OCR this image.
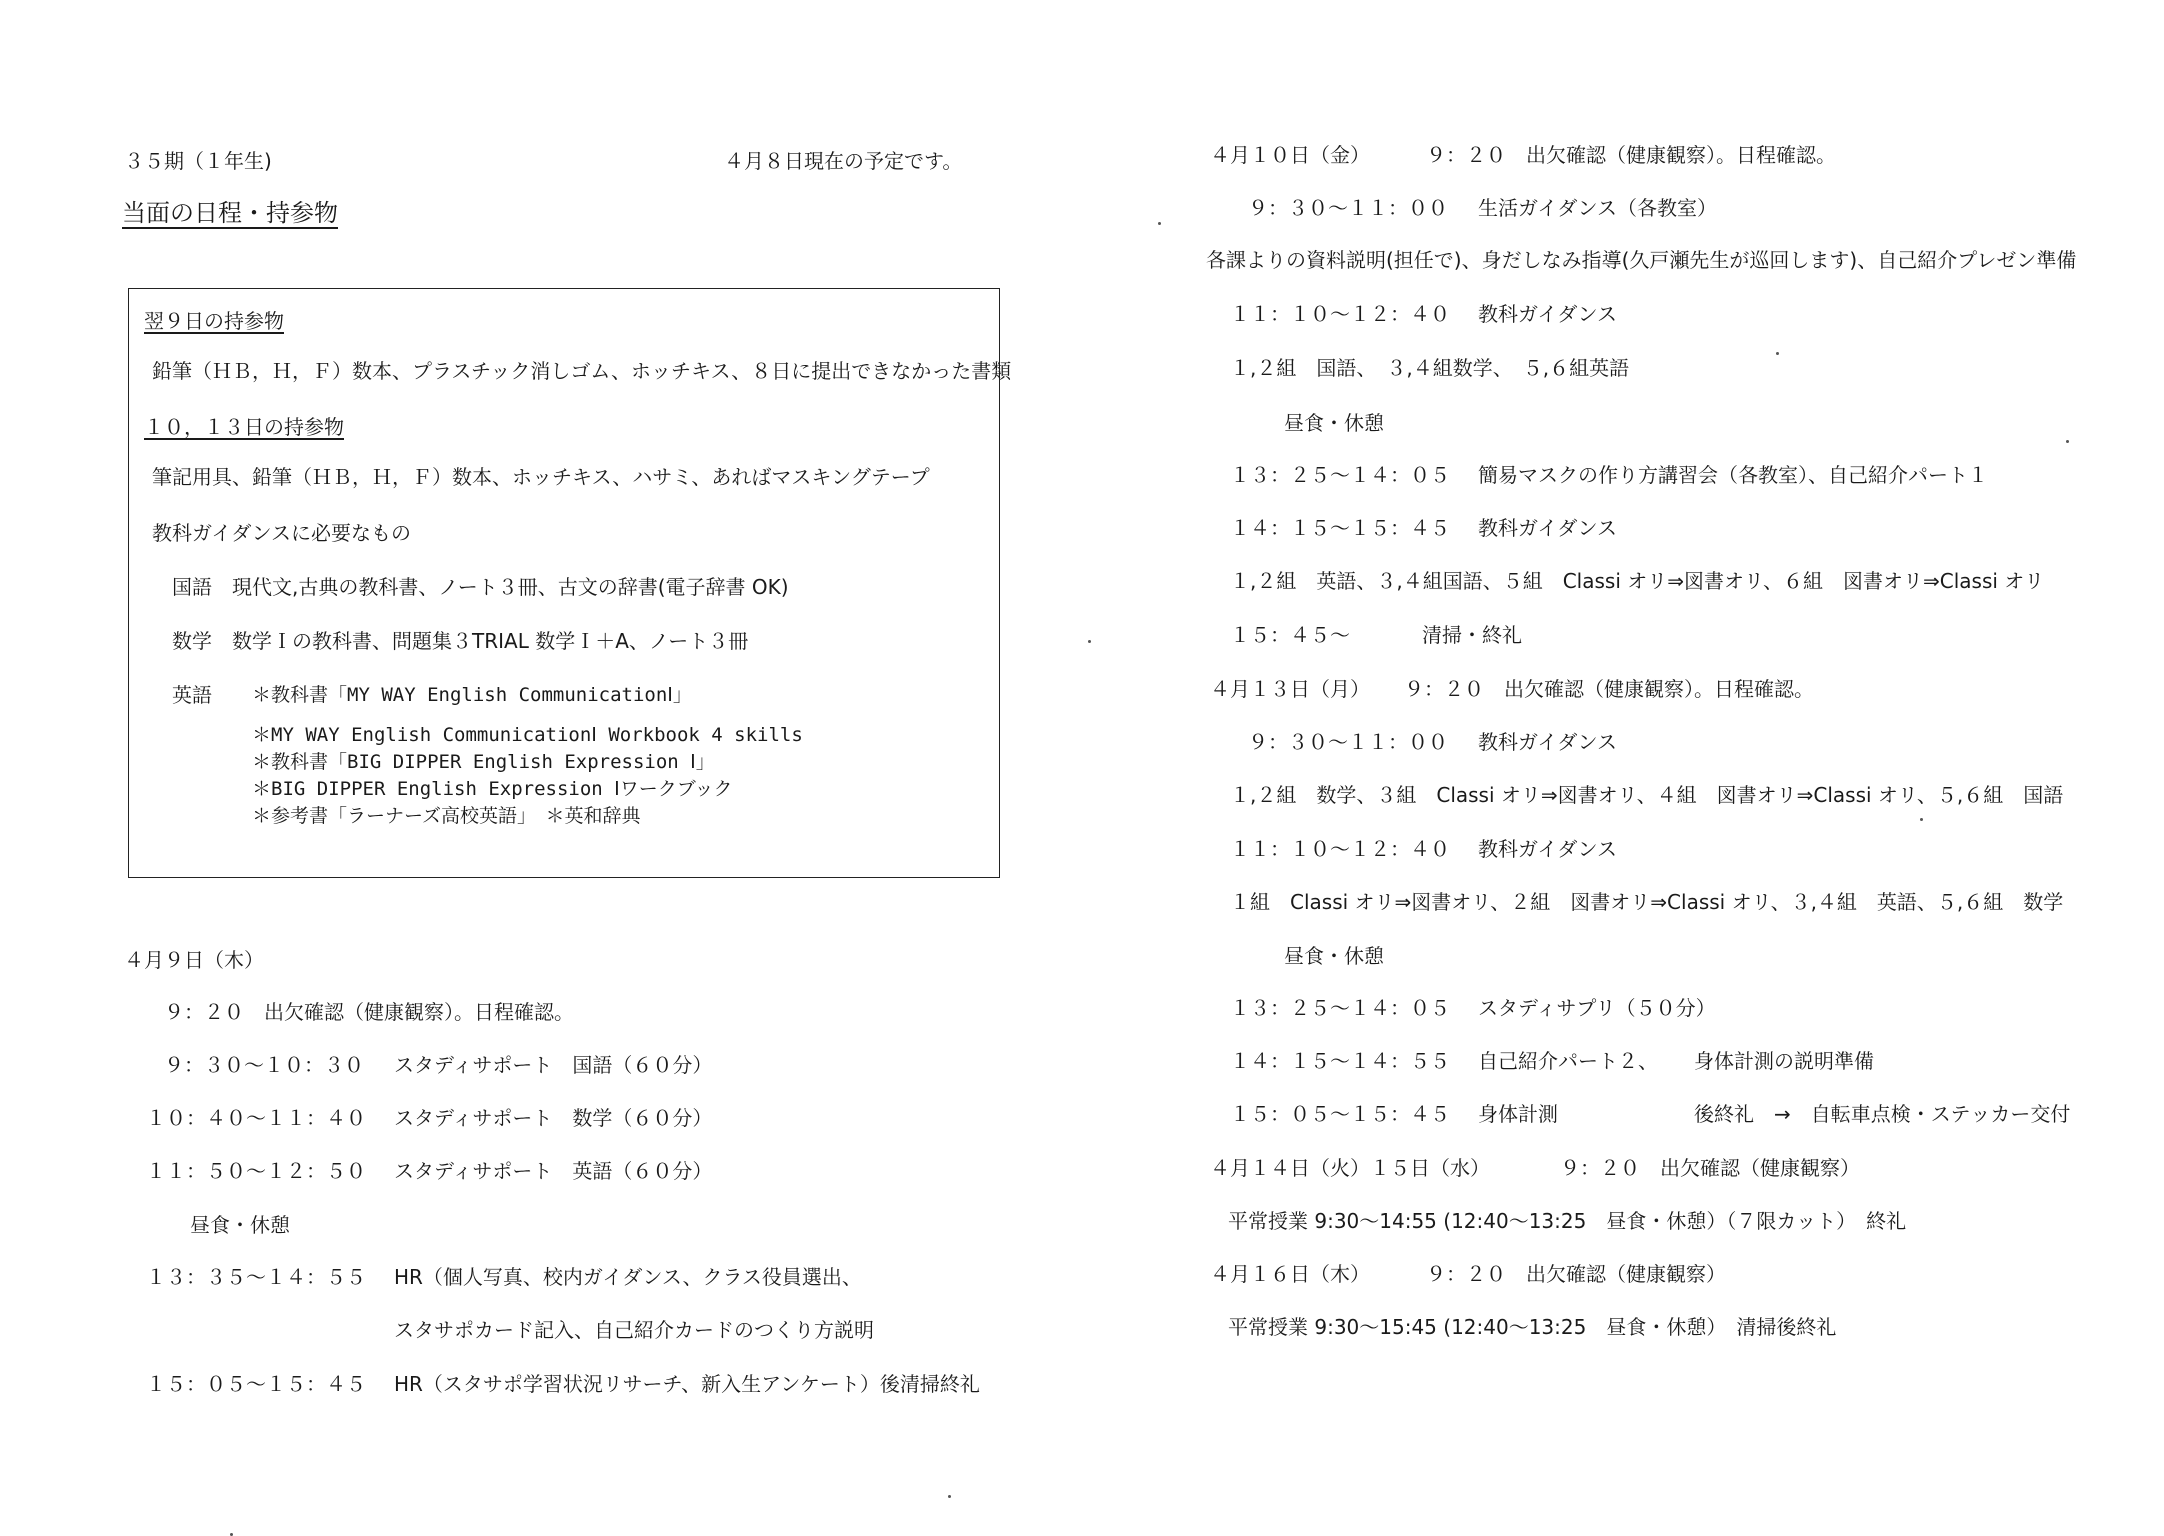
３５期（１年生)	４月８日現在の予定です。
当面の日程・持参物
翌９日の持参物
鉛筆（ＨＢ，Ｈ，Ｆ）数本、プラスチック消しゴム、ホッチキス、８日に提出できなかった書類
１０，１３日の持参物
筆記用具、鉛筆（ＨＢ，Ｈ，Ｆ）数本、ホッチキス、ハサミ、あればマスキングテープ
教科ガイダンスに必要なもの
国語 現代文,古典の教科書、ノート３冊、古文の辞書(電子辞書 OK)
数学 数学Ｉの教科書、問題集３TRIAL 数学Ｉ＋A、ノート３冊
英語 ＊教科書「MY WAY English CommunicationⅠ」
＊MY WAY English CommunicationⅠ Workbook 4 skills
＊教科書「BIG DIPPER English Expression Ⅰ」
＊BIG DIPPER English Expression Ⅰワークブック
＊参考書「ラーナーズ高校英語」　＊英和辞典
４月９日（木）
９：２０　出欠確認（健康観察）。日程確認。
９：３０～１０：３０ スタディサポート　国語（６０分）
１０：４０～１１：４０ スタディサポート　数学（６０分）
１１：５０～１２：５０ スタディサポート　英語（６０分）
昼食・休憩
１３：３５～１４：５５ HR（個人写真、校内ガイダンス、クラス役員選出、
スタサポカード記入、自己紹介カードのつくり方説明
１５：０５～１５：４５ HR（スタサポ学習状況リサーチ、新入生アンケート）後清掃終礼
４月１０日（金）	９：２０　出欠確認（健康観察）。日程確認。
９：３０～１１：００ 生活ガイダンス（各教室）
各課よりの資料説明(担任で)、身だしなみ指導(久戸瀬先生が巡回します)、自己紹介プレゼン準備
１１：１０～１２：４０ 教科ガイダンス
１,２組　国語、　３,４組数学、　５,６組英語
昼食・休憩
１３：２５～１４：０５ 簡易マスクの作り方講習会（各教室）、自己紹介パート１
１４：１５～１５：４５ 教科ガイダンス
１,２組　英語、３,４組国語、５組　Classi オリ⇒図書オリ、６組　図書オリ⇒Classi オリ
１５：４５～	清掃・終礼
４月１３日（月） ９：２０　出欠確認（健康観察）。日程確認。
９：３０～１１：００ 教科ガイダンス
１,２組　数学、３組　Classi オリ⇒図書オリ、４組　図書オリ⇒Classi オリ、５,６組　国語
１１：１０～１２：４０ 教科ガイダンス
１組　Classi オリ⇒図書オリ、２組　図書オリ⇒Classi オリ、３,４組　英語、５,６組　数学
昼食・休憩
１３：２５～１４：０５ スタディサプリ（５０分）
１４：１５～１４：５５ 自己紹介パート２、 身体計測の説明準備
１５：０５～１５：４５ 身体計測	後終礼　→　自転車点検・ステッカー交付
４月１４日（火）１５日（水）	９：２０　出欠確認（健康観察）
平常授業 9:30～14:55 (12:40～13:25　昼食・休憩）（７限カット）　終礼
４月１６日（木）	９：２０　出欠確認（健康観察）
平常授業 9:30～15:45 (12:40～13:25　昼食・休憩）　清掃後終礼
